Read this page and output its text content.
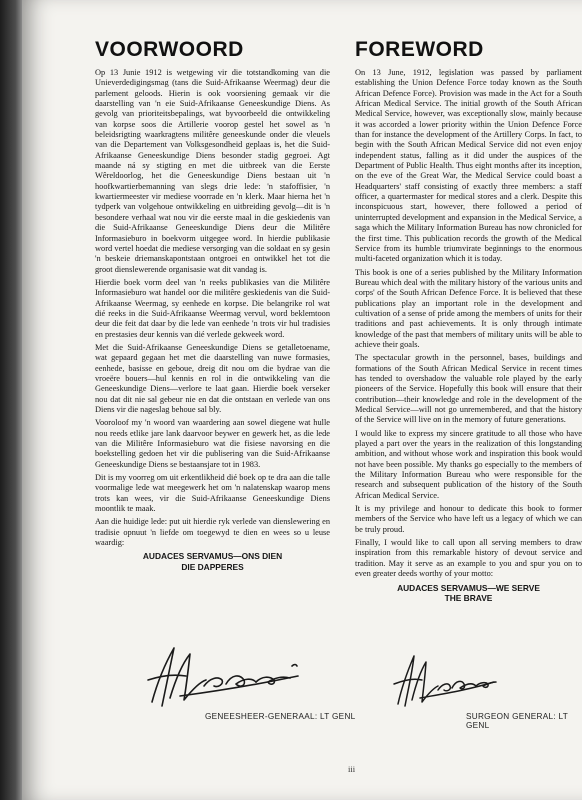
VOORWOORD

Op 13 Junie 1912 is wetgewing vir die totstandkoming van die Unieverdedigingsmag (tans die Suid-Afrikaanse Weermag) deur die parlement geloods. Hierin is ook voorsiening gemaak vir die daarstelling van 'n eie Suid-Afrikaanse Geneeskundige Diens. As gevolg van prioriteitsbepalings, wat byvoorbeeld die ontwikkeling van korpse soos die Artillerie voorop gestel het sowel as 'n beleidsrigting waarkragtens militêre geneeskunde onder die vleuels van die Departement van Volksgesondheid geplaas is, het die Suid-Afrikaanse Geneeskundige Diens besonder stadig gegroei. Agt maande ná sy stigting en met die uitbreek van die Eerste Wêreldoorlog, het die Geneeskundige Diens bestaan uit 'n hoofkwartierbemanning van slegs drie lede: 'n stafoffisier, 'n kwartiermeester vir mediese voorrade en 'n klerk. Maar hierna het 'n tydperk van volgehoue ontwikkeling en uitbreiding gevolg—dit is 'n besondere verhaal wat nou vir die eerste maal in die geskiedenis van die Suid-Afrikaanse Geneeskundige Diens deur die Militêre Informasieburo in boekvorm uitgegee word. In hierdie publikasie word vertel hoedat die mediese versorging van die soldaat en sy gesin 'n beskeie driemanskapontstaan ontgroei en ontwikkel het tot die groot dienslewerende organisasie wat dit vandag is.

Hierdie boek vorm deel van 'n reeks publikasies van die Militêre Informasieburo wat handel oor die militêre geskiedenis van die Suid-Afrikaanse Weermag, sy eenhede en korpse. Die belangrike rol wat dié reeks in die Suid-Afrikaanse Weermag vervul, word beklemtoon deur die feit dat daar by die lede van eenhede 'n trots vir hul tradisies en prestasies deur kennis van dié verlede gekweek word.

Met die Suid-Afrikaanse Geneeskundige Diens se getalletoename, wat gepaard gegaan het met die daarstelling van nuwe formasies, eenhede, basisse en geboue, dreig dit nou om die bydrae van die vroeëre bouers—hul kennis en rol in die ontwikkeling van die Geneeskundige Diens—verlore te laat gaan. Hierdie boek verseker nou dat dit nie sal gebeur nie en dat die ontstaan en verlede van ons Diens vir die nageslag behoue sal bly.

Vooroloof my 'n woord van waardering aan sowel diegene wat hulle nou reeds etlike jare lank daarvoor beywer en gewerk het, as die lede van die Militêre Informasieburo wat die fisiese navorsing en die boekstelling gedoen het vir die publisering van die Suid-Afrikaanse Geneeskundige Diens se bestaansjare tot in 1983.

Dit is my voorreg om uit erkentlikheid dié boek op te dra aan die talle voormalige lede wat meegewerk het om 'n nalatenskap waarop mens trots kan wees, vir die Suid-Afrikaanse Geneeskundige Diens moontlik te maak.

Aan die huidige lede: put uit hierdie ryk verlede van dienslewering en tradisie opnuut 'n liefde om toegewyd te dien en wees so u leuse waardig:

AUDACES SERVAMUS—ONS DIEN
DIE DAPPERES
FOREWORD

On 13 June, 1912, legislation was passed by parliament establishing the Union Defence Force today known as the South African Defence Force). Provision was made in the Act for a South African Medical Service. The initial growth of the South African Medical Service, however, was exceptionally slow, mainly because it was accorded a lower priority within the Union Defence Force than for instance the development of the Artillery Corps. In fact, to begin with the South African Medical Service did not even enjoy independent status, falling as it did under the auspices of the Department of Public Health. Thus eight months after its inception, on the eve of the Great War, the Medical Service could boast a Headquarters' staff consisting of exactly three members: a staff officer, a quartermaster for medical stores and a clerk. Despite this inconspicuous start, however, there followed a period of uninterrupted development and expansion in the Medical Service, a saga which the Military Information Bureau has now chronicled for the first time. This publication records the growth of the Medical Service from its humble triumvirate beginnings to the enormous multi-faceted organization which it is today.

This book is one of a series published by the Military Information Bureau which deal with the military history of the various units and corps' of the South African Defence Force. It is believed that these publications play an important role in the development and cultivation of a sense of pride among the members of units for their traditions and past achievements. It is only through intimate knowledge of the past that members of military units will be able to achieve their goals.

The spectacular growth in the personnel, bases, buildings and formations of the South African Medical Service in recent times has tended to overshadow the valuable role played by the early pioneers of the Service. Hopefully this book will ensure that their contribution—their knowledge and role in the development of the Medical Service—will not go unremembered, and that the history of the Service will live on in the memory of future generations.

I would like to express my sincere gratitude to all those who have played a part over the years in the realization of this longstanding ambition, and without whose work and inspiration this book would not have been possible. My thanks go especially to the members of the Military Information Bureau who were responsible for the research and subsequent publication of the history of the South African Medical Service.

It is my privilege and honour to dedicate this book to former members of the Service who have left us a legacy of which we can be truly proud.

Finally, I would like to call upon all serving members to draw inspiration from this remarkable history of devout service and tradition. May it serve as an example to you and spur you on to even greater deeds worthy of your motto:

AUDACES SERVAMUS—WE SERVE
THE BRAVE
GENEESHEER-GENERAAL: LT GENL	SURGEON GENERAL: LT GENL
iii
